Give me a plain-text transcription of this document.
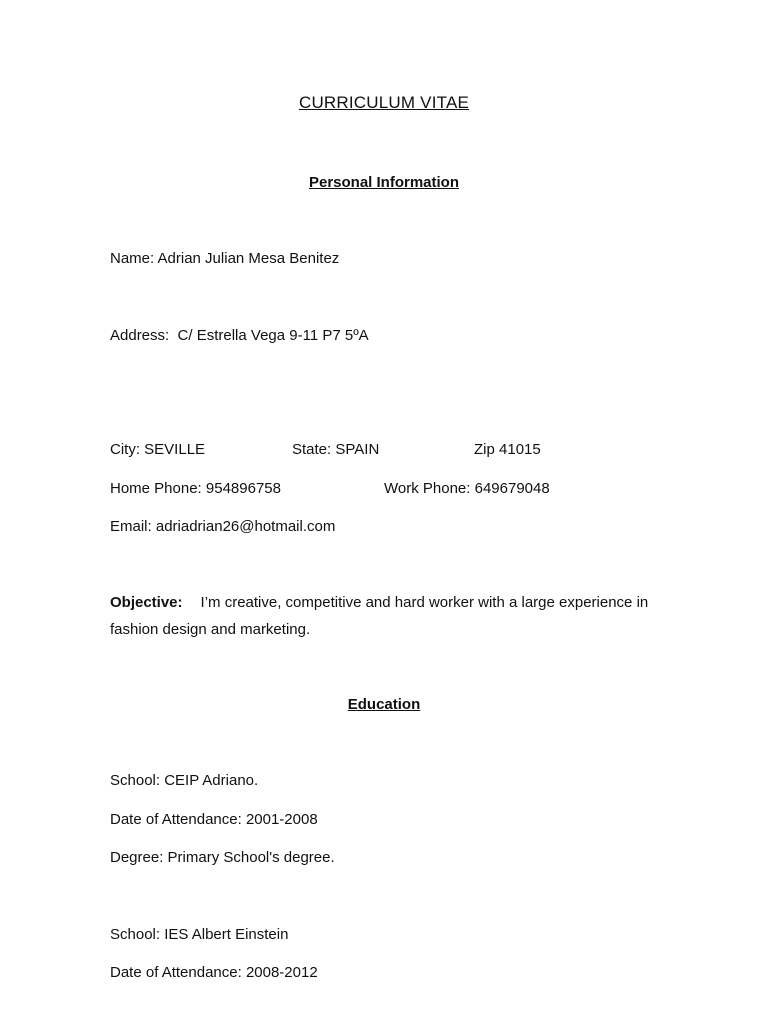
CURRICULUM VITAE
Personal Information
Name: Adrian Julian Mesa Benitez
Address: C/ Estrella Vega 9-11 P7 5ºA
City: SEVILLE	State: SPAIN	Zip 41015
Home Phone: 954896758	Work Phone: 649679048
Email: adriadrian26@hotmail.com
Objective: I’m creative, competitive and hard worker with a large experience in fashion design and marketing.
Education
School: CEIP Adriano.
Date of Attendance: 2001-2008
Degree: Primary School's degree.
School: IES Albert Einstein
Date of Attendance: 2008-2012
